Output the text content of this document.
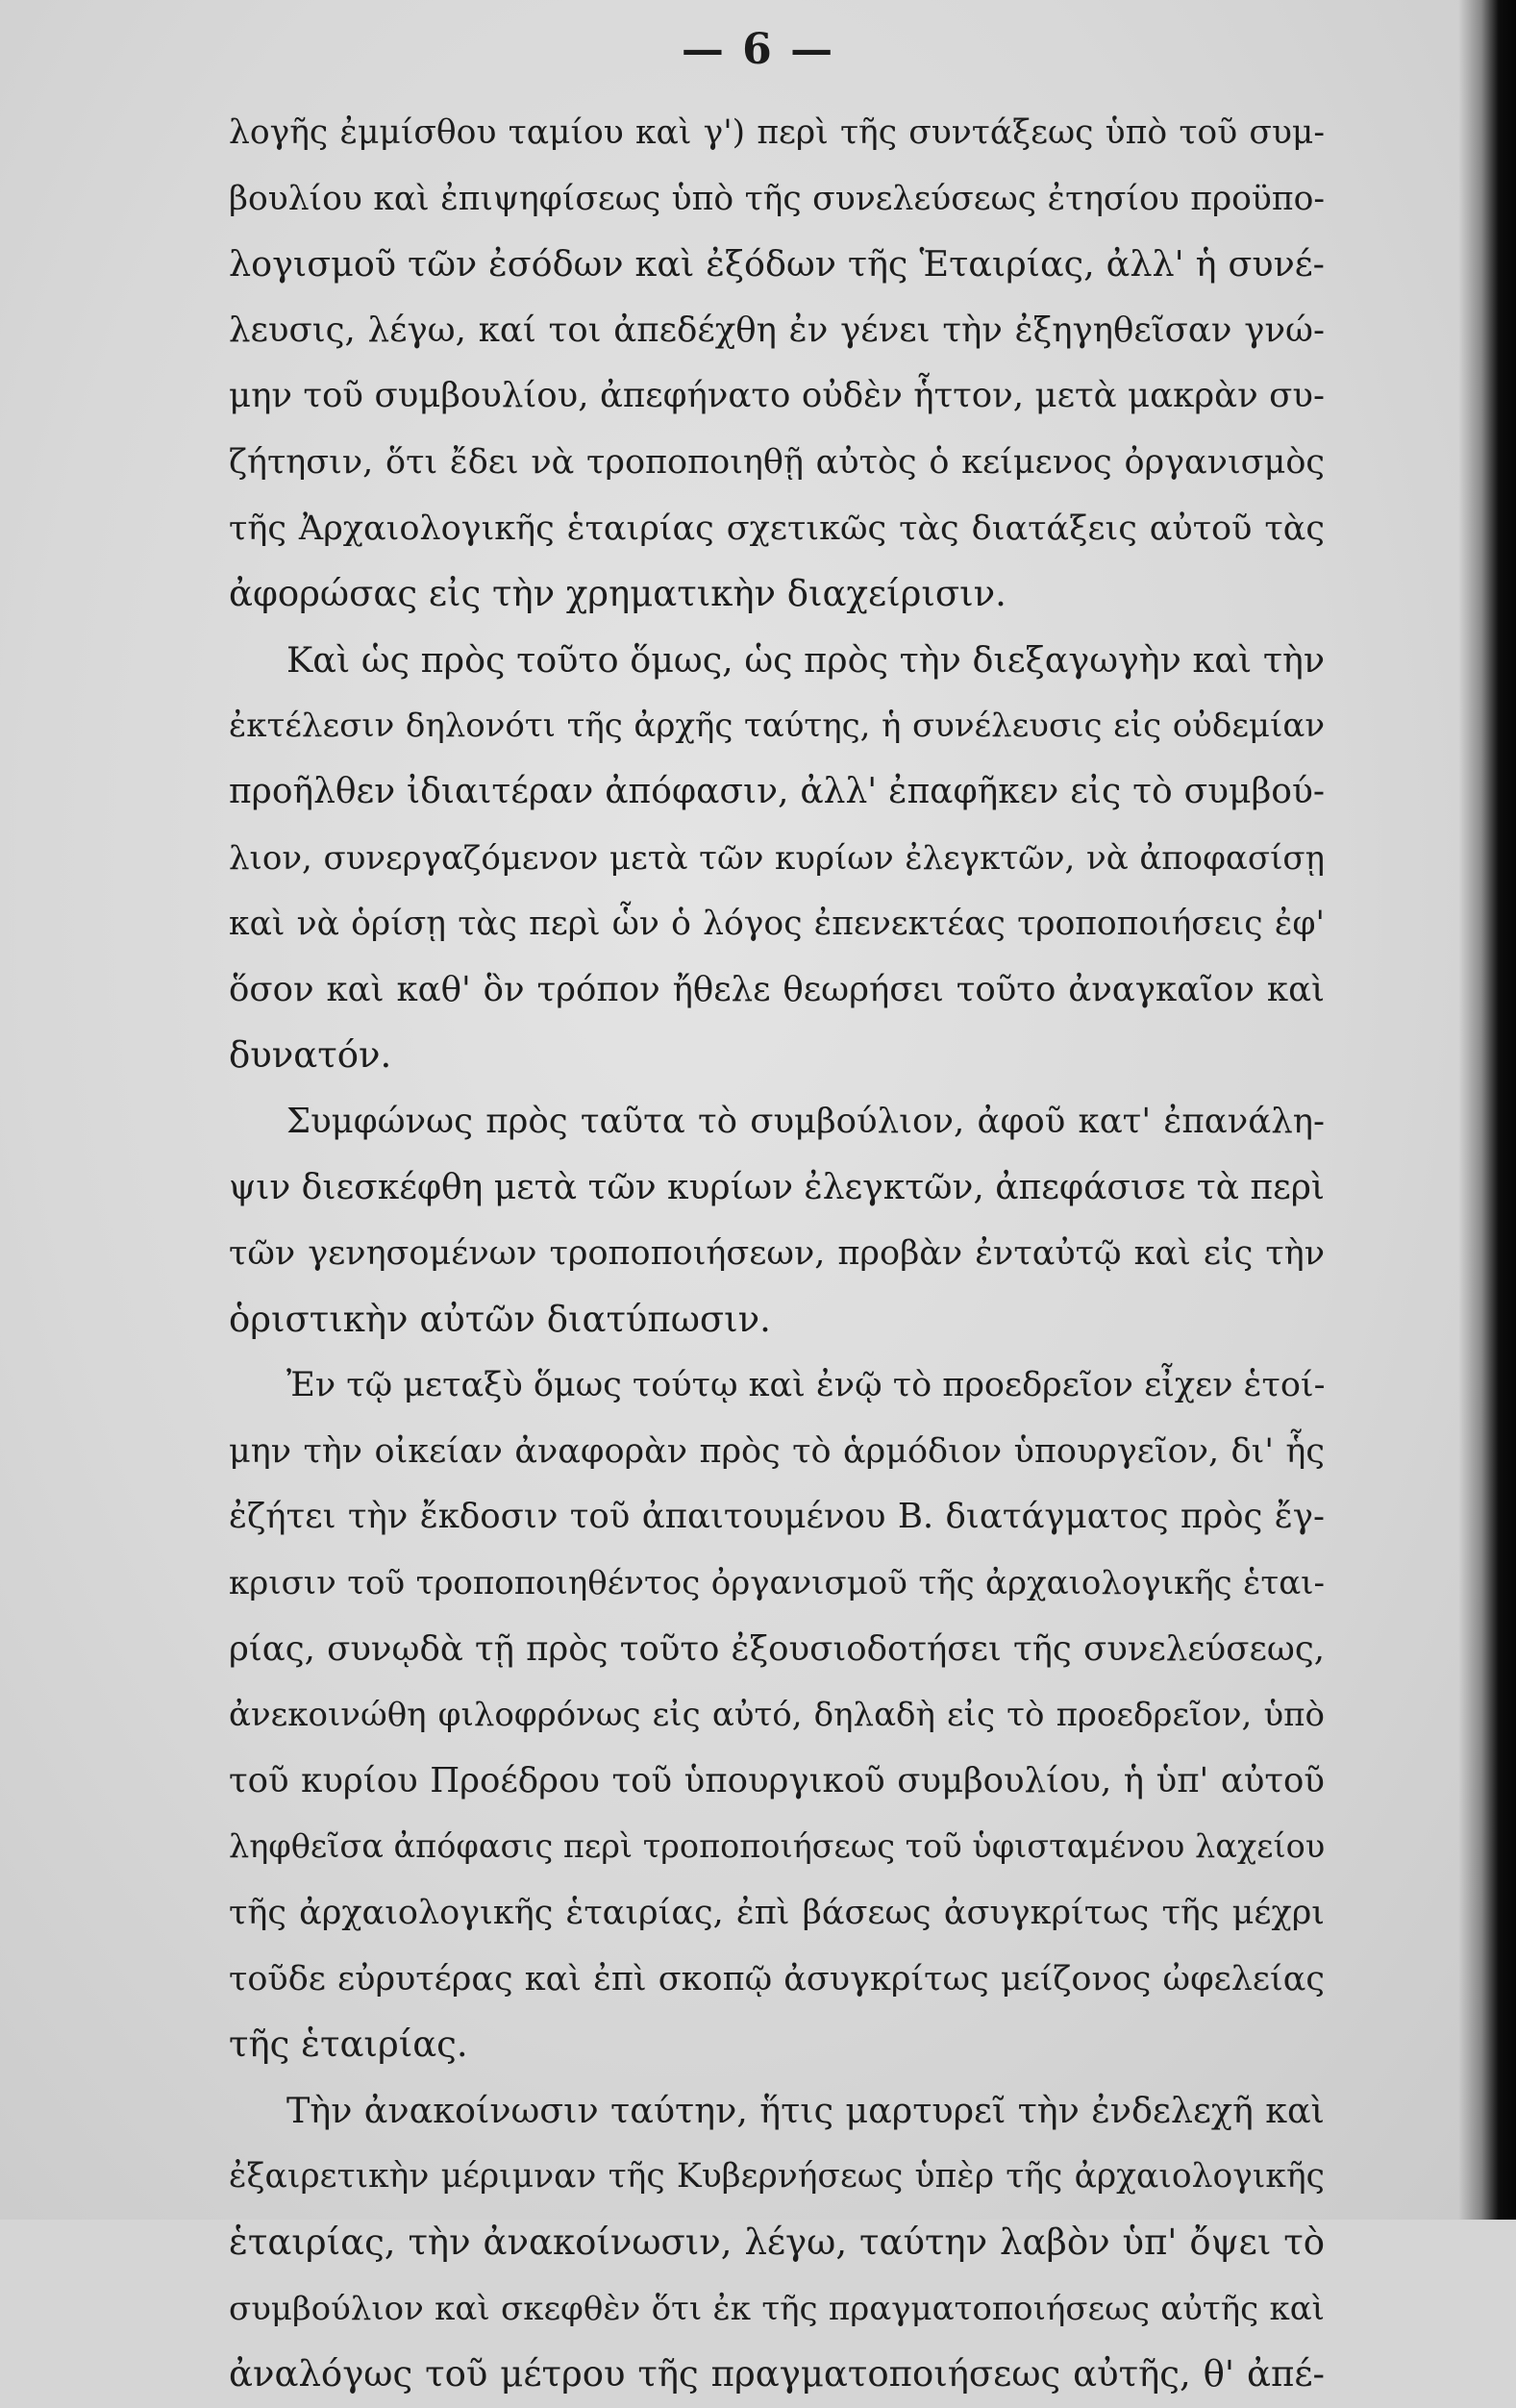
— 6 —
λογῆς ἐμμίσθου ταμίου καὶ γ') περὶ τῆς συντάξεως ὑπὸ τοῦ συμ-
βουλίου καὶ ἐπιψηφίσεως ὑπὸ τῆς συνελεύσεως ἐτησίου προϋπο-
λογισμοῦ τῶν ἐσόδων καὶ ἐξόδων τῆς Ἑταιρίας, ἀλλ' ἡ συνέ-
λευσις, λέγω, καί τοι ἀπεδέχθη ἐν γένει τὴν ἐξηγηθεῖσαν γνώ-
μην τοῦ συμβουλίου, ἀπεφήνατο οὐδὲν ἧττον, μετὰ μακρὰν συ-
ζήτησιν, ὅτι ἔδει νὰ τροποποιηθῇ αὐτὸς ὁ κείμενος ὀργανισμὸς
τῆς Ἀρχαιολογικῆς ἑταιρίας σχετικῶς τὰς διατάξεις αὐτοῦ τὰς
ἀφορώσας εἰς τὴν χρηματικὴν διαχείρισιν.
Καὶ ὡς πρὸς τοῦτο ὅμως, ὡς πρὸς τὴν διεξαγωγὴν καὶ τὴν
ἐκτέλεσιν δηλονότι τῆς ἀρχῆς ταύτης, ἡ συνέλευσις εἰς οὐδεμίαν
προῆλθεν ἰδιαιτέραν ἀπόφασιν, ἀλλ' ἐπαφῆκεν εἰς τὸ συμβού-
λιον, συνεργαζόμενον μετὰ τῶν κυρίων ἐλεγκτῶν, νὰ ἀποφασίσῃ
καὶ νὰ ὁρίσῃ τὰς περὶ ὧν ὁ λόγος ἐπενεκτέας τροποποιήσεις ἐφ'
ὅσον καὶ καθ' ὃν τρόπον ἤθελε θεωρήσει τοῦτο ἀναγκαῖον καὶ
δυνατόν.
Συμφώνως πρὸς ταῦτα τὸ συμβούλιον, ἀφοῦ κατ' ἐπανάλη-
ψιν διεσκέφθη μετὰ τῶν κυρίων ἐλεγκτῶν, ἀπεφάσισε τὰ περὶ
τῶν γενησομένων τροποποιήσεων, προβὰν ἐνταὐτῷ καὶ εἰς τὴν
ὁριστικὴν αὐτῶν διατύπωσιν.
Ἐν τῷ μεταξὺ ὅμως τούτῳ καὶ ἐνῷ τὸ προεδρεῖον εἶχεν ἑτοί-
μην τὴν οἰκείαν ἀναφορὰν πρὸς τὸ ἁρμόδιον ὑπουργεῖον, δι' ἧς
ἐζήτει τὴν ἔκδοσιν τοῦ ἀπαιτουμένου Β. διατάγματος πρὸς ἔγ-
κρισιν τοῦ τροποποιηθέντος ὀργανισμοῦ τῆς ἀρχαιολογικῆς ἑται-
ρίας, συνῳδὰ τῇ πρὸς τοῦτο ἐξουσιοδοτήσει τῆς συνελεύσεως,
ἀνεκοινώθη φιλοφρόνως εἰς αὐτό, δηλαδὴ εἰς τὸ προεδρεῖον, ὑπὸ
τοῦ κυρίου Προέδρου τοῦ ὑπουργικοῦ συμβουλίου, ἡ ὑπ' αὐτοῦ
ληφθεῖσα ἀπόφασις περὶ τροποποιήσεως τοῦ ὑφισταμένου λαχείου
τῆς ἀρχαιολογικῆς ἑταιρίας, ἐπὶ βάσεως ἀσυγκρίτως τῆς μέχρι
τοῦδε εὐρυτέρας καὶ ἐπὶ σκοπῷ ἀσυγκρίτως μείζονος ὠφελείας
τῆς ἑταιρίας.
Τὴν ἀνακοίνωσιν ταύτην, ἥτις μαρτυρεῖ τὴν ἐνδελεχῆ καὶ
ἐξαιρετικὴν μέριμναν τῆς Κυβερνήσεως ὑπὲρ τῆς ἀρχαιολογικῆς
ἑταιρίας, τὴν ἀνακοίνωσιν, λέγω, ταύτην λαβὸν ὑπ' ὄψει τὸ
συμβούλιον καὶ σκεφθὲν ὅτι ἐκ τῆς πραγματοποιήσεως αὐτῆς καὶ
ἀναλόγως τοῦ μέτρου τῆς πραγματοποιήσεως αὐτῆς, θ' ἀπέ-
